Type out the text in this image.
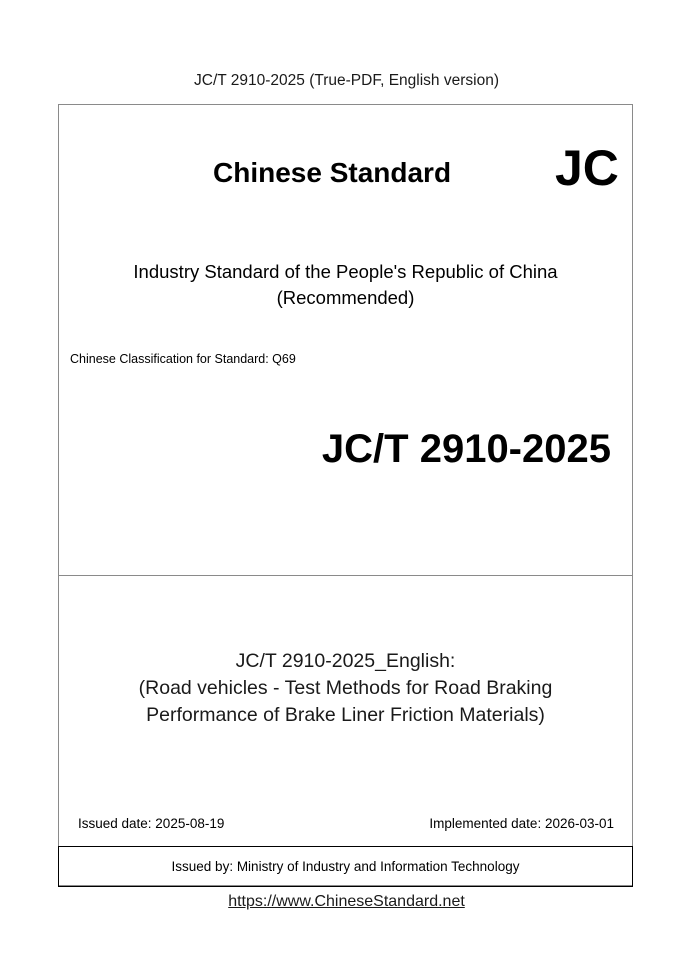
JC/T 2910-2025 (True-PDF, English version)
Chinese Standard JC
Industry Standard of the People's Republic of China
(Recommended)
Chinese Classification for Standard: Q69
JC/T 2910-2025
JC/T 2910-2025_English:
(Road vehicles - Test Methods for Road Braking
Performance of Brake Liner Friction Materials)
Issued date: 2025-08-19	Implemented date: 2026-03-01
Issued by: Ministry of Industry and Information Technology
https://www.ChineseStandard.net
